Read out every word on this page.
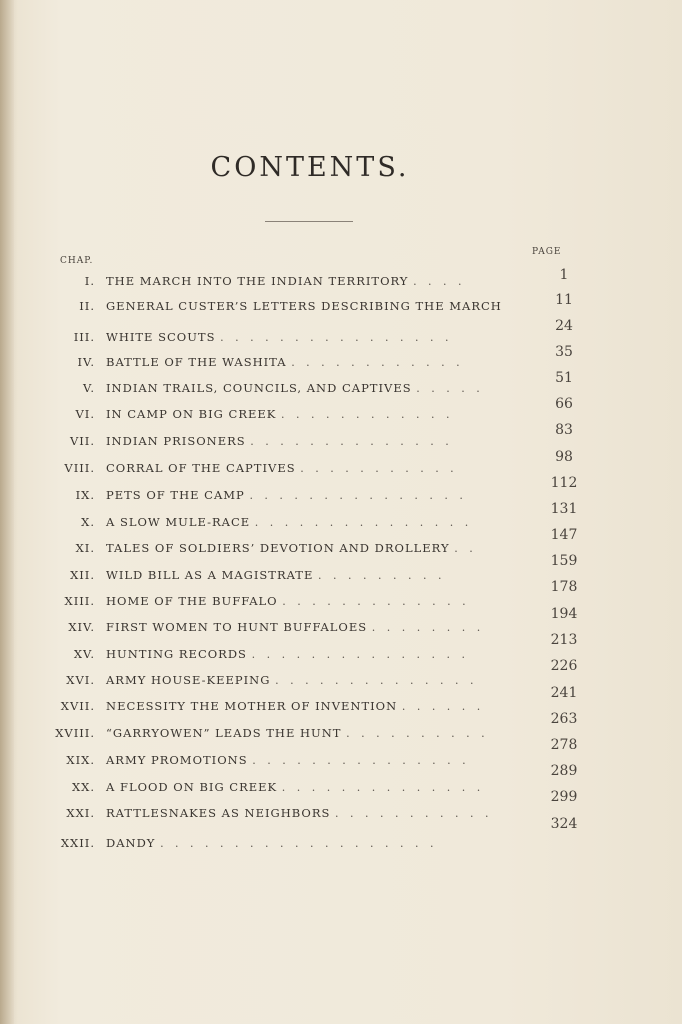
CONTENTS.
CHAP.
PAGE
I. THE MARCH INTO THE INDIAN TERRITORY . . . .
II. GENERAL CUSTER’S LETTERS DESCRIBING THE MARCH
III. WHITE SCOUTS . . . . . . . . . . . . . . . .
IV. BATTLE OF THE WASHITA . . . . . . . . . . . .
V. INDIAN TRAILS, COUNCILS, AND CAPTIVES . . . . .
VI. IN CAMP ON BIG CREEK . . . . . . . . . . . .
VII. INDIAN PRISONERS . . . . . . . . . . . . . .
VIII. CORRAL OF THE CAPTIVES . . . . . . . . . . .
IX. PETS OF THE CAMP . . . . . . . . . . . . . . .
X. A SLOW MULE-RACE . . . . . . . . . . . . . . .
XI. TALES OF SOLDIERS’ DEVOTION AND DROLLERY . .
XII. WILD BILL AS A MAGISTRATE . . . . . . . . .
XIII. HOME OF THE BUFFALO . . . . . . . . . . . . .
XIV. FIRST WOMEN TO HUNT BUFFALOES . . . . . . . .
XV. HUNTING RECORDS . . . . . . . . . . . . . . .
XVI. ARMY HOUSE-KEEPING . . . . . . . . . . . . . .
XVII. NECESSITY THE MOTHER OF INVENTION . . . . . .
XVIII. “GARRYOWEN” LEADS THE HUNT . . . . . . . . . .
XIX. ARMY PROMOTIONS . . . . . . . . . . . . . . .
XX. A FLOOD ON BIG CREEK . . . . . . . . . . . . . .
XXI. RATTLESNAKES AS NEIGHBORS . . . . . . . . . . .
XXII. DANDY . . . . . . . . . . . . . . . . . . .
1
11
24
35
51
66
83
98
112
131
147
159
178
194
213
226
241
263
278
289
299
324
